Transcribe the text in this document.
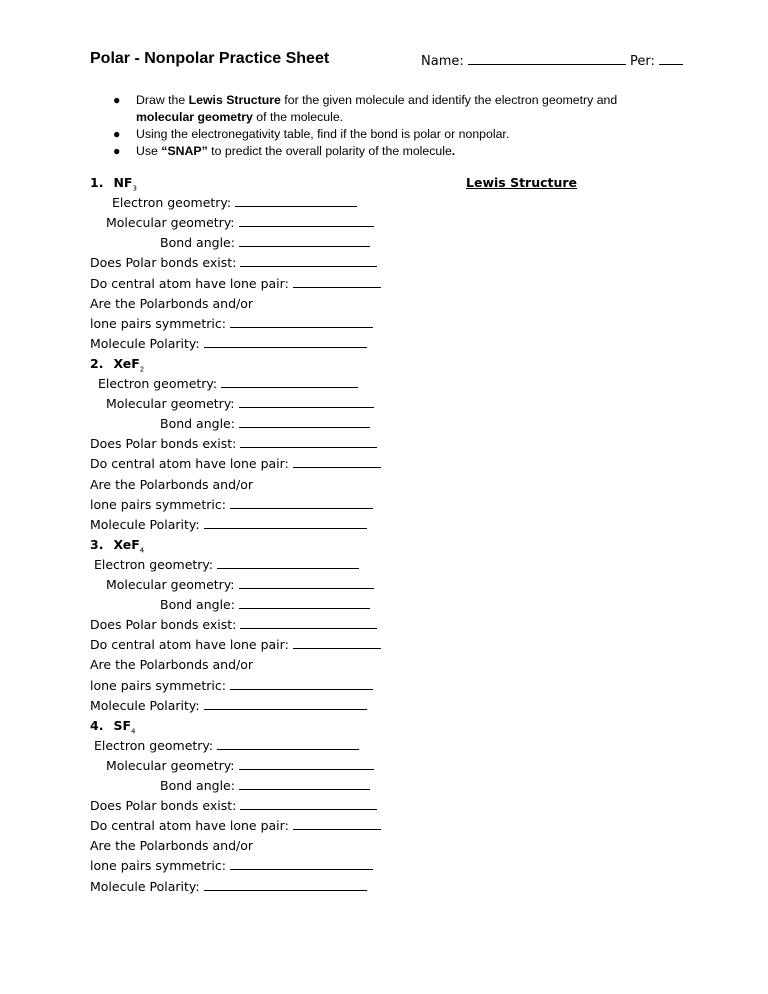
Polar - Nonpolar Practice Sheet	Name:	Per:
● Draw the Lewis Structure for the given molecule and identify the electron geometry and molecular geometry of the molecule.
● Using the electronegativity table, find if the bond is polar or nonpolar.
● Use “SNAP” to predict the overall polarity of the molecule.
Lewis Structure
1. $NF_3$
Electron geometry:
Molecular geometry:
Bond angle:
Does Polar bonds exist:
Do central atom have lone pair:
Are the Polarbonds and/or
lone pairs symmetric:
Molecule Polarity:
2. XeF$_2$
Electron geometry:
Molecular geometry:
Bond angle:
Does Polar bonds exist:
Do central atom have lone pair:
Are the Polarbonds and/or
lone pairs symmetric:
Molecule Polarity:
3. XeF$_4$
Electron geometry:
Molecular geometry:
Bond angle:
Does Polar bonds exist:
Do central atom have lone pair:
Are the Polarbonds and/or
lone pairs symmetric:
Molecule Polarity:
4. $SF_4$
Electron geometry:
Molecular geometry:
Bond angle:
Does Polar bonds exist:
Do central atom have lone pair:
Are the Polarbonds and/or
lone pairs symmetric:
Molecule Polarity:
